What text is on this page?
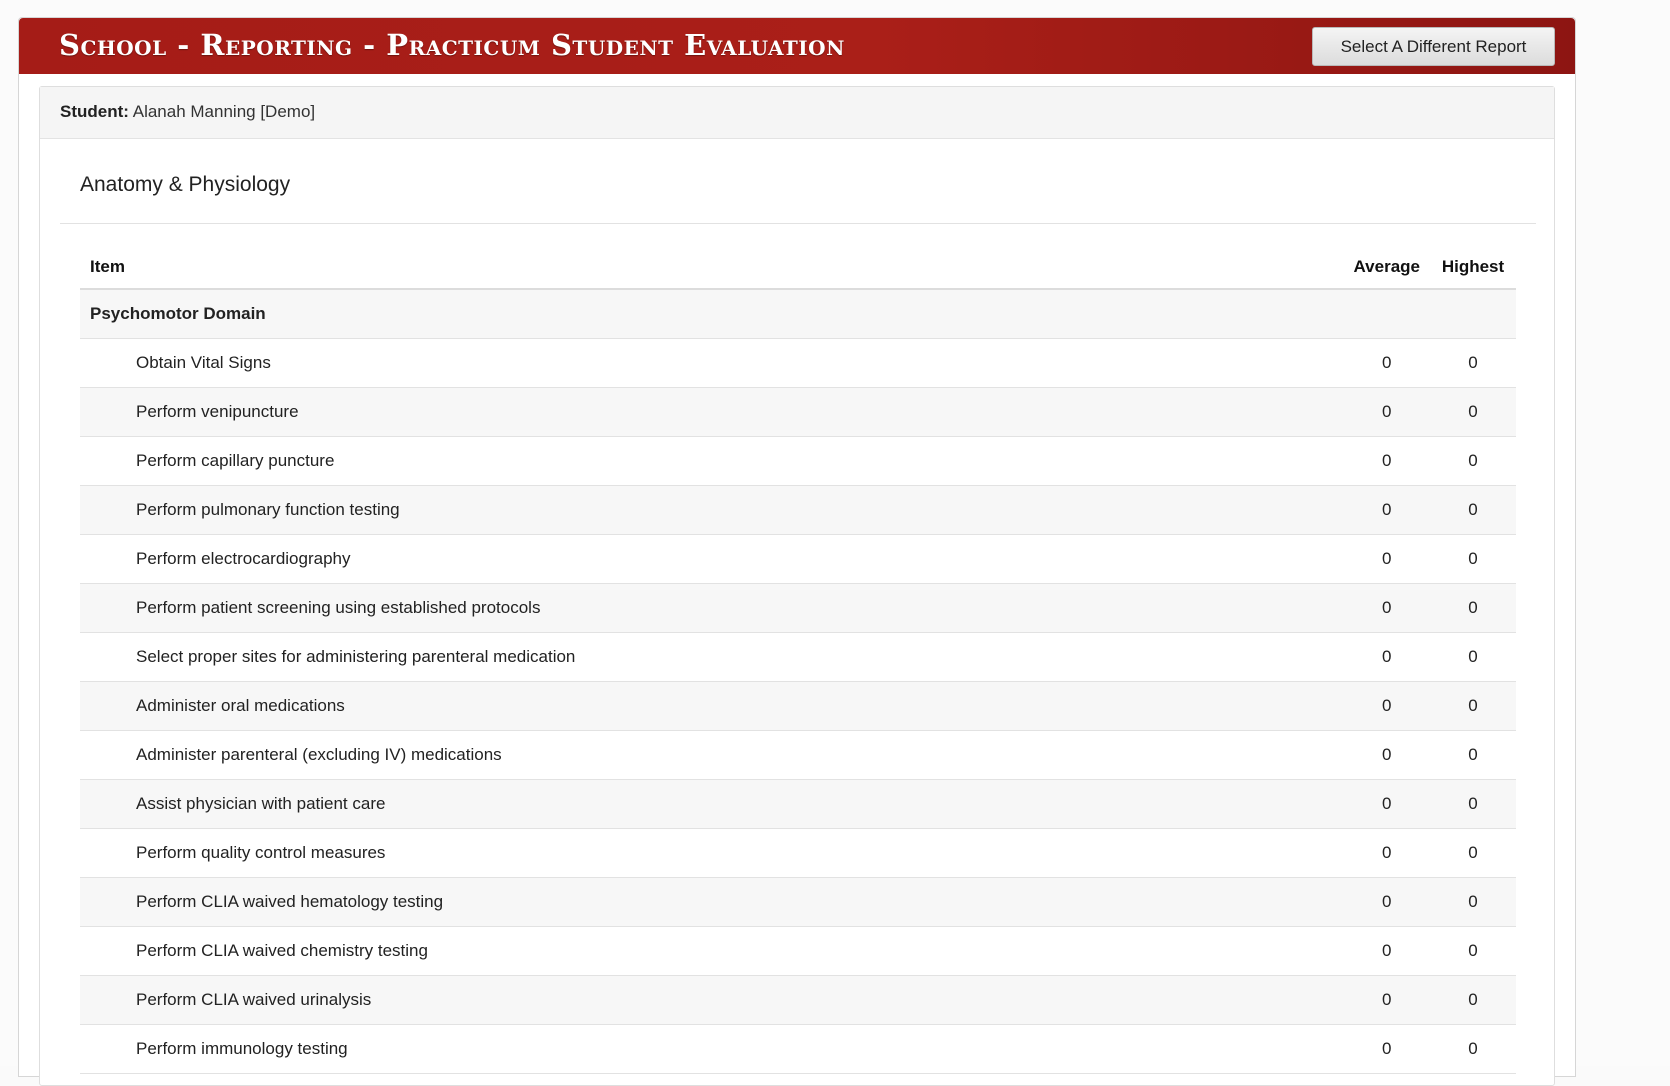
School - Reporting - Practicum Student Evaluation	Select A Different Report
Student: Alanah Manning [Demo]
Anatomy & Physiology
Item	Average	Highest
Psychomotor Domain		
Obtain Vital Signs	0	0
Perform venipuncture	0	0
Perform capillary puncture	0	0
Perform pulmonary function testing	0	0
Perform electrocardiography	0	0
Perform patient screening using established protocols	0	0
Select proper sites for administering parenteral medication	0	0
Administer oral medications	0	0
Administer parenteral (excluding IV) medications	0	0
Assist physician with patient care	0	0
Perform quality control measures	0	0
Perform CLIA waived hematology testing	0	0
Perform CLIA waived chemistry testing	0	0
Perform CLIA waived urinalysis	0	0
Perform immunology testing	0	0
